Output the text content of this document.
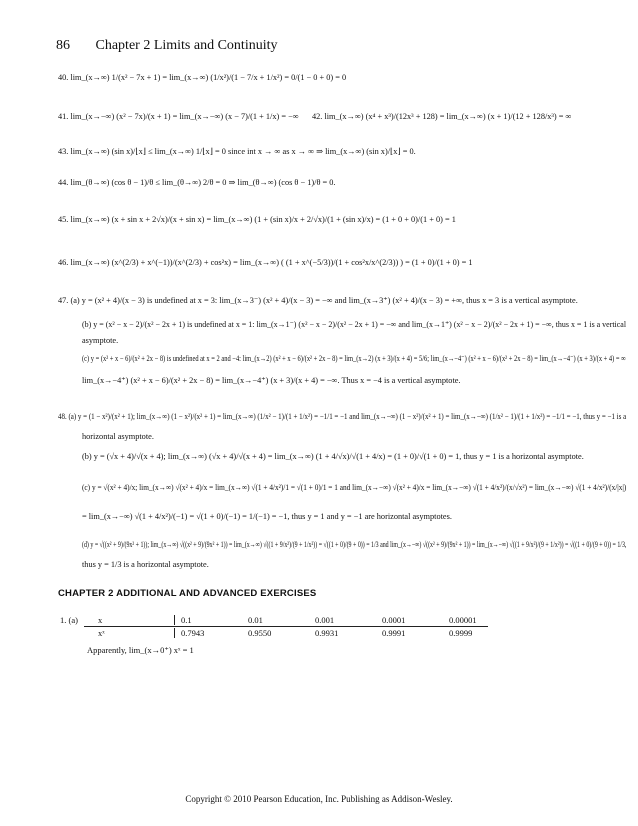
86 Chapter 2 Limits and Continuity
40. lim_(x→∞) 1/(x² − 7x + 1) = lim_(x→∞) (1/x²)/(1 − 7/x + 1/x²) = 0/(1 − 0 + 0) = 0
41. lim_(x→−∞) (x² − 7x)/(x + 1) = lim_(x→−∞) (x − 7)/(1 + 1/x) = −∞ 42. lim_(x→∞) (x⁴ + x³)/(12x³ + 128) = lim_(x→∞) (x + 1)/(12 + 128/x³) = ∞
43. lim_(x→∞) (sin x)/⌊x⌋ ≤ lim_(x→∞) 1/⌊x⌋ = 0 since int x → ∞ as x → ∞ ⇒ lim_(x→∞) (sin x)/⌊x⌋ = 0.
44. lim_(θ→∞) (cos θ − 1)/θ ≤ lim_(θ→∞) 2/θ = 0 ⇒ lim_(θ→∞) (cos θ − 1)/θ = 0.
45. lim_(x→∞) (x + sin x + 2√x)/(x + sin x) = lim_(x→∞) (1 + (sin x)/x + 2/√x)/(1 + (sin x)/x) = (1 + 0 + 0)/(1 + 0) = 1
46. lim_(x→∞) (x^(2/3) + x^(−1))/(x^(2/3) + cos²x) = lim_(x→∞) ( (1 + x^(−5/3))/(1 + cos²x/x^(2/3)) ) = (1 + 0)/(1 + 0) = 1
47. (a) y = (x² + 4)/(x − 3) is undefined at x = 3: lim_(x→3⁻) (x² + 4)/(x − 3) = −∞ and lim_(x→3⁺) (x² + 4)/(x − 3) = +∞, thus x = 3 is a vertical asymptote.
(b) y = (x² − x − 2)/(x² − 2x + 1) is undefined at x = 1: lim_(x→1⁻) (x² − x − 2)/(x² − 2x + 1) = −∞ and lim_(x→1⁺) (x² − x − 2)/(x² − 2x + 1) = −∞, thus x = 1 is a vertical
asymptote.
(c) y = (x² + x − 6)/(x² + 2x − 8) is undefined at x = 2 and −4: lim_(x→2) (x² + x − 6)/(x² + 2x − 8) = lim_(x→2) (x + 3)/(x + 4) = 5/6; lim_(x→−4⁻) (x² + x − 6)/(x² + 2x − 8) = lim_(x→−4⁻) (x + 3)/(x + 4) = ∞
lim_(x→−4⁺) (x² + x − 6)/(x² + 2x − 8) = lim_(x→−4⁺) (x + 3)/(x + 4) = −∞. Thus x = −4 is a vertical asymptote.
48. (a) y = (1 − x²)/(x² + 1); lim_(x→∞) (1 − x²)/(x² + 1) = lim_(x→∞) (1/x² − 1)/(1 + 1/x²) = −1/1 = −1 and lim_(x→−∞) (1 − x²)/(x² + 1) = lim_(x→−∞) (1/x² − 1)/(1 + 1/x²) = −1/1 = −1, thus y = −1 is a
horizontal asymptote.
(b) y = (√x + 4)/√(x + 4); lim_(x→∞) (√x + 4)/√(x + 4) = lim_(x→∞) (1 + 4/√x)/√(1 + 4/x) = (1 + 0)/√(1 + 0) = 1, thus y = 1 is a horizontal asymptote.
(c) y = √(x² + 4)/x; lim_(x→∞) √(x² + 4)/x = lim_(x→∞) √(1 + 4/x²)/1 = √(1 + 0)/1 = 1 and lim_(x→−∞) √(x² + 4)/x = lim_(x→−∞) √(1 + 4/x²)/(x/√x²) = lim_(x→−∞) √(1 + 4/x²)/(x/|x|)
= lim_(x→−∞) √(1 + 4/x²)/(−1) = √(1 + 0)/(−1) = 1/(−1) = −1, thus y = 1 and y = −1 are horizontal asymptotes.
(d) y = √((x² + 9)/(9x² + 1)); lim_(x→∞) √((x² + 9)/(9x² + 1)) = lim_(x→∞) √((1 + 9/x²)/(9 + 1/x²)) = √((1 + 0)/(9 + 0)) = 1/3 and lim_(x→−∞) √((x² + 9)/(9x² + 1)) = lim_(x→−∞) √((1 + 9/x²)/(9 + 1/x²)) = √((1 + 0)/(9 + 0)) = 1/3,
thus y = 1/3 is a horizontal asymptote.
CHAPTER 2 ADDITIONAL AND ADVANCED EXERCISES
1. (a)	x	0.1	0.01	0.001	0.0001	0.00001
xˣ	0.7943	0.9550	0.9931	0.9991	0.9999
Apparently, lim_(x→0⁺) xˣ = 1
Copyright © 2010 Pearson Education, Inc. Publishing as Addison-Wesley.
